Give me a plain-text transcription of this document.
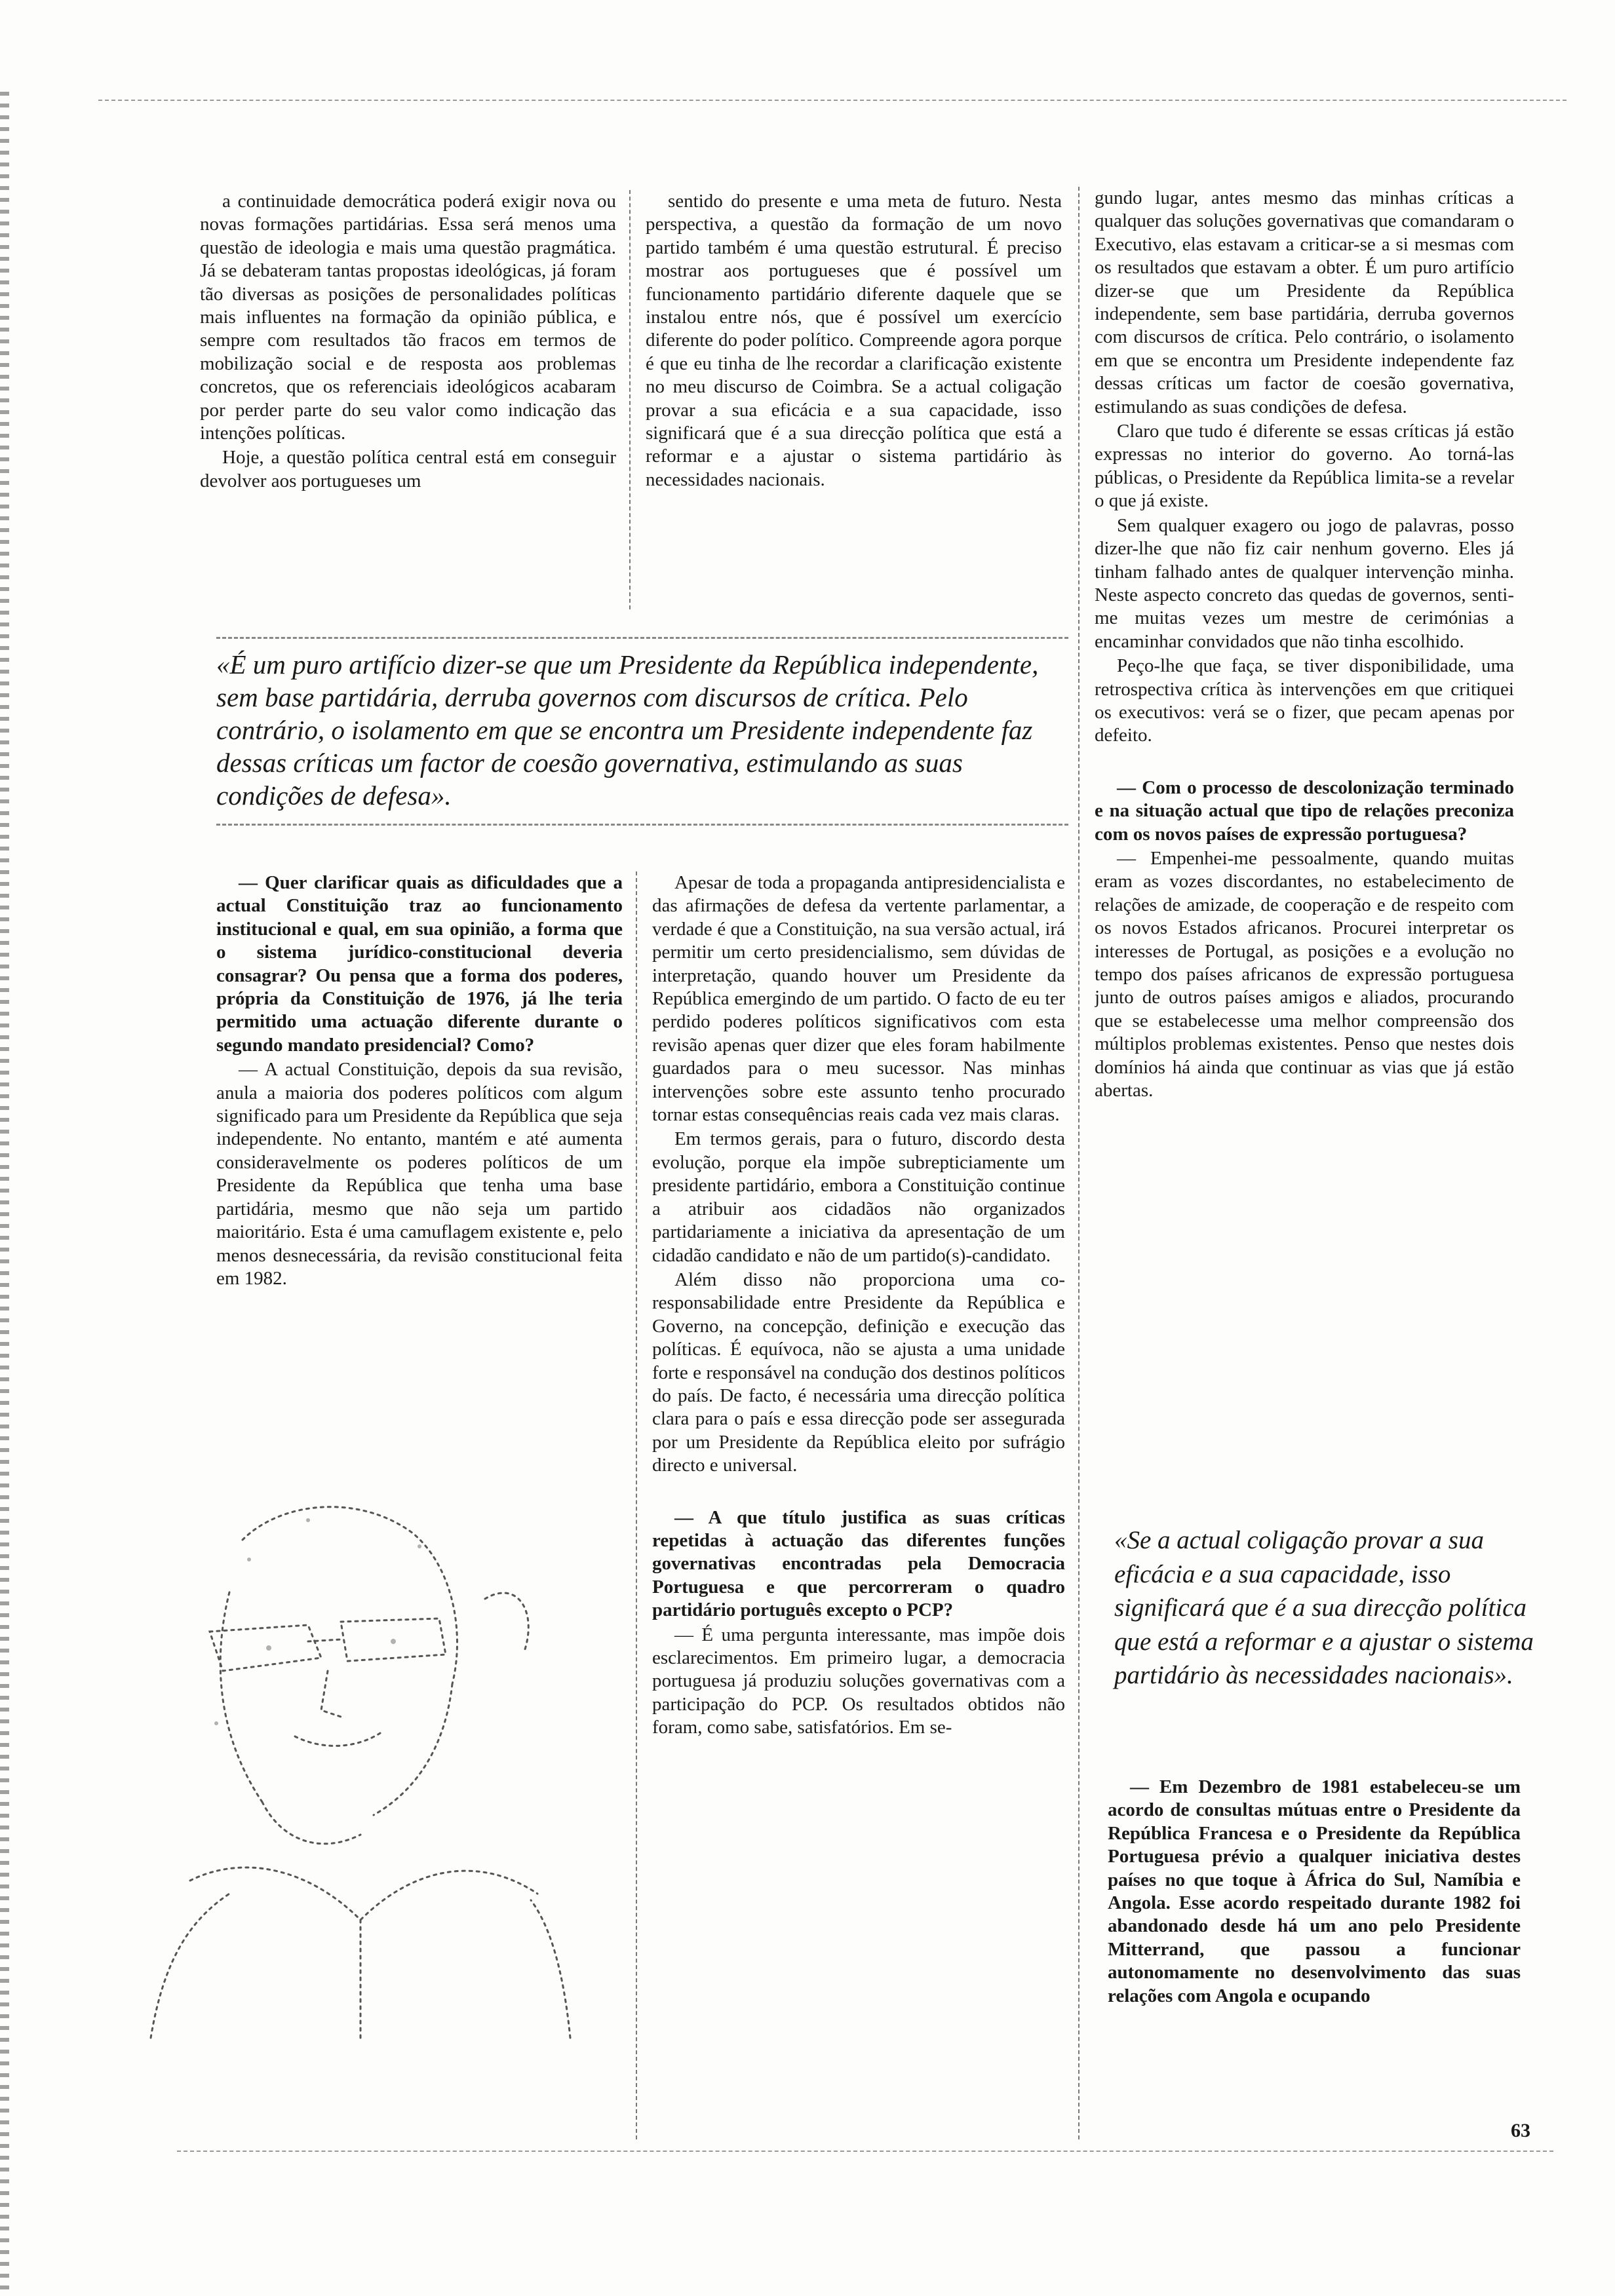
a continuidade democrática poderá exigir nova ou novas formações partidárias. Essa será menos uma questão de ideologia e mais uma questão pragmática. Já se debateram tantas propostas ideológicas, já foram tão diversas as posições de personalidades políticas mais influentes na formação da opinião pública, e sempre com resultados tão fracos em termos de mobilização social e de resposta aos problemas concretos, que os referenciais ideológicos acabaram por perder parte do seu valor como indicação das intenções políticas.

Hoje, a questão política central está em conseguir devolver aos portugueses um

sentido do presente e uma meta de futuro. Nesta perspectiva, a questão da formação de um novo partido também é uma questão estrutural. É preciso mostrar aos portugueses que é possível um funcionamento partidário diferente daquele que se instalou entre nós, que é possível um exercício diferente do poder político. Compreende agora porque é que eu tinha de lhe recordar a clarificação existente no meu discurso de Coimbra. Se a actual coligação provar a sua eficácia e a sua capacidade, isso significará que é a sua direcção política que está a reformar e a ajustar o sistema partidário às necessidades nacionais.

«É um puro artifício dizer-se que um Presidente da República independente, sem base partidária, derruba governos com discursos de crítica. Pelo contrário, o isolamento em que se encontra um Presidente independente faz dessas críticas um factor de coesão governativa, estimulando as suas condições de defesa».

— Quer clarificar quais as dificuldades que a actual Constituição traz ao funcionamento institucional e qual, em sua opinião, a forma que o sistema jurídico-constitucional deveria consagrar? Ou pensa que a forma dos poderes, própria da Constituição de 1976, já lhe teria permitido uma actuação diferente durante o segundo mandato presidencial? Como?

— A actual Constituição, depois da sua revisão, anula a maioria dos poderes políticos com algum significado para um Presidente da República que seja independente. No entanto, mantém e até aumenta consideravelmente os poderes políticos de um Presidente da República que tenha uma base partidária, mesmo que não seja um partido maioritário. Esta é uma camuflagem existente e, pelo menos desnecessária, da revisão constitucional feita em 1982.

Apesar de toda a propaganda antipresidencialista e das afirmações de defesa da vertente parlamentar, a verdade é que a Constituição, na sua versão actual, irá permitir um certo presidencialismo, sem dúvidas de interpretação, quando houver um Presidente da República emergindo de um partido. O facto de eu ter perdido poderes políticos significativos com esta revisão apenas quer dizer que eles foram habilmente guardados para o meu sucessor. Nas minhas intervenções sobre este assunto tenho procurado tornar estas consequências reais cada vez mais claras.

Em termos gerais, para o futuro, discordo desta evolução, porque ela impõe subrepticiamente um presidente partidário, embora a Constituição continue a atribuir aos cidadãos não organizados partidariamente a iniciativa da apresentação de um cidadão candidato e não de um partido(s)-candidato.

Além disso não proporciona uma co-responsabilidade entre Presidente da República e Governo, na concepção, definição e execução das políticas. É equívoca, não se ajusta a uma unidade forte e responsável na condução dos destinos políticos do país. De facto, é necessária uma direcção política clara para o país e essa direcção pode ser assegurada por um Presidente da República eleito por sufrágio directo e universal.

— A que título justifica as suas críticas repetidas à actuação das diferentes funções governativas encontradas pela Democracia Portuguesa e que percorreram o quadro partidário português excepto o PCP?

— É uma pergunta interessante, mas impõe dois esclarecimentos. Em primeiro lugar, a democracia portuguesa já produziu soluções governativas com a participação do PCP. Os resultados obtidos não foram, como sabe, satisfatórios. Em se-

gundo lugar, antes mesmo das minhas críticas a qualquer das soluções governativas que comandaram o Executivo, elas estavam a criticar-se a si mesmas com os resultados que estavam a obter. É um puro artifício dizer-se que um Presidente da República independente, sem base partidária, derruba governos com discursos de crítica. Pelo contrário, o isolamento em que se encontra um Presidente independente faz dessas críticas um factor de coesão governativa, estimulando as suas condições de defesa.

Claro que tudo é diferente se essas críticas já estão expressas no interior do governo. Ao torná-las públicas, o Presidente da República limita-se a revelar o que já existe.

Sem qualquer exagero ou jogo de palavras, posso dizer-lhe que não fiz cair nenhum governo. Eles já tinham falhado antes de qualquer intervenção minha. Neste aspecto concreto das quedas de governos, senti-me muitas vezes um mestre de cerimónias a encaminhar convidados que não tinha escolhido.

Peço-lhe que faça, se tiver disponibilidade, uma retrospectiva crítica às intervenções em que critiquei os executivos: verá se o fizer, que pecam apenas por defeito.

— Com o processo de descolonização terminado e na situação actual que tipo de relações preconiza com os novos países de expressão portuguesa?

— Empenhei-me pessoalmente, quando muitas eram as vozes discordantes, no estabelecimento de relações de amizade, de cooperação e de respeito com os novos Estados africanos. Procurei interpretar os interesses de Portugal, as posições e a evolução no tempo dos países africanos de expressão portuguesa junto de outros países amigos e aliados, procurando que se estabelecesse uma melhor compreensão dos múltiplos problemas existentes. Penso que nestes dois domínios há ainda que continuar as vias que já estão abertas.

«Se a actual coligação provar a sua eficácia e a sua capacidade, isso significará que é a sua direcção política que está a reformar e a ajustar o sistema partidário às necessidades nacionais».

— Em Dezembro de 1981 estabeleceu-se um acordo de consultas mútuas entre o Presidente da República Francesa e o Presidente da República Portuguesa prévio a qualquer iniciativa destes países no que toque à África do Sul, Namíbia e Angola. Esse acordo respeitado durante 1982 foi abandonado desde há um ano pelo Presidente Mitterrand, que passou a funcionar autonomamente no desenvolvimento das suas relações com Angola e ocupando

63
